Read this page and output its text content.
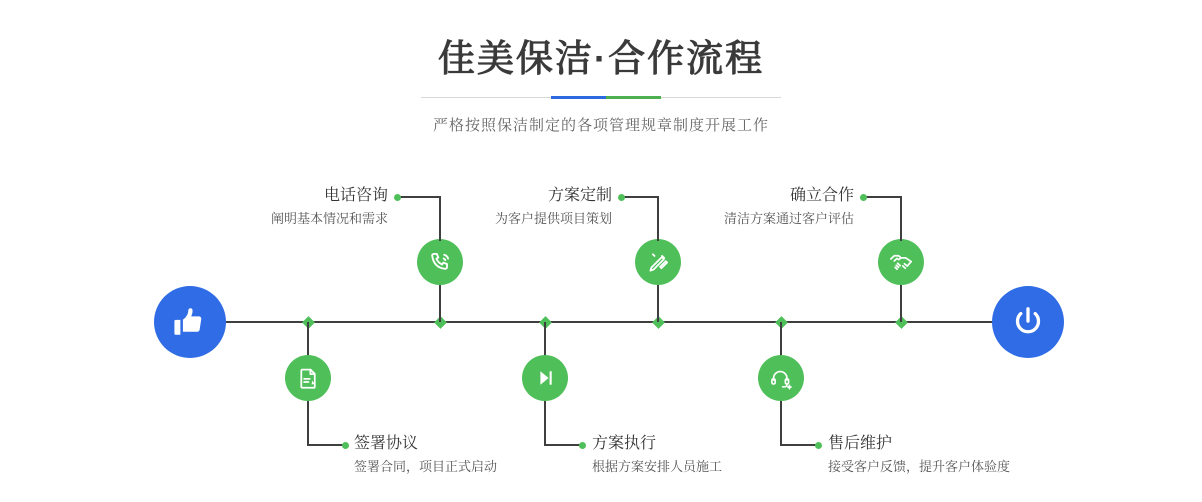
佳美保洁·合作流程
严格按照保洁制定的各项管理规章制度开展工作
电话咨询
阐明基本情况和需求
签署协议
签署合同，项目正式启动
方案定制
为客户提供项目策划
方案执行
根据方案安排人员施工
确立合作
清洁方案通过客户评估
售后维护
接受客户反馈，提升客户体验度
